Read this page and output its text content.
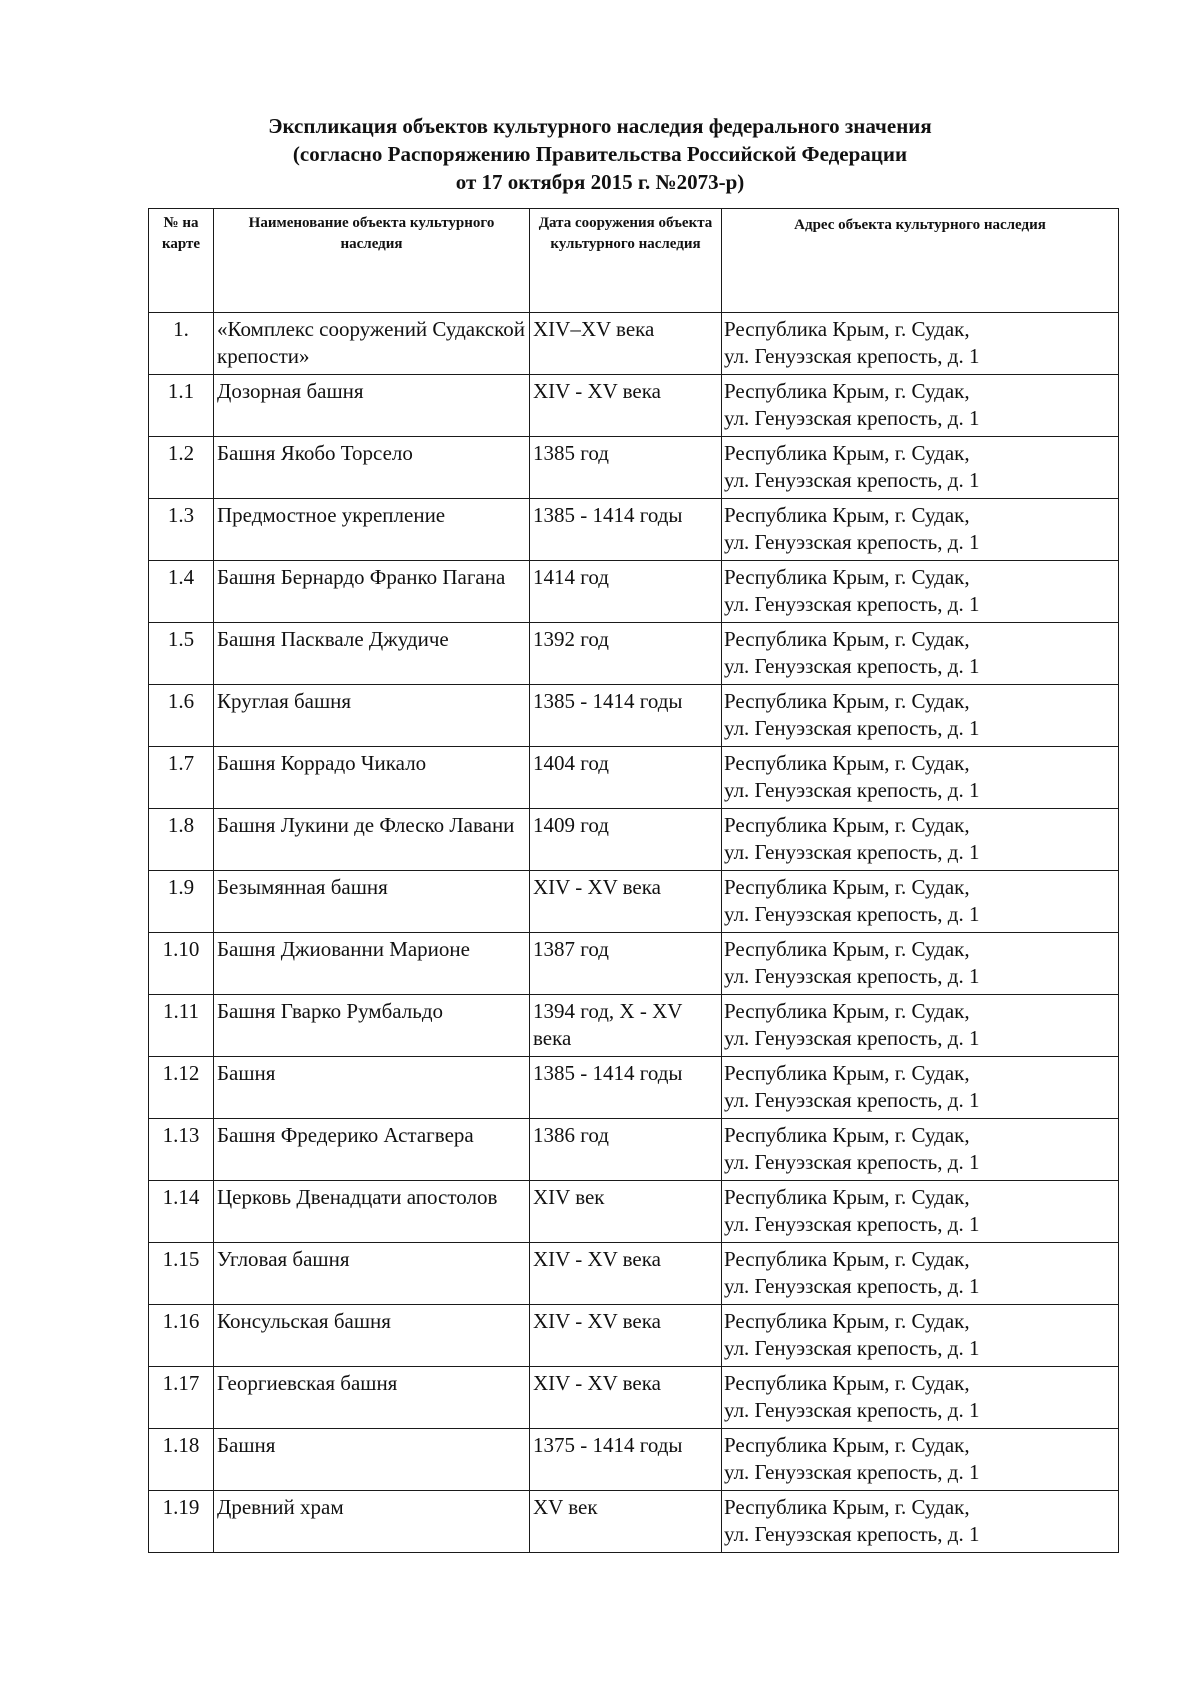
Экспликация объектов культурного наследия федерального значения
(согласно Распоряжению Правительства Российской Федерации
от 17 октября 2015 г. №2073-р)
№ на карте	Наименование объекта культурного наследия	Дата сооружения объекта культурного наследия	Адрес объекта культурного наследия
1.	«Комплекс сооружений Судакской крепости»	XIV–XV века	Республика Крым, г. Судак,
ул. Генуэзская крепость, д. 1

1.1	Дозорная башня	XIV - XV века	Республика Крым, г. Судак,
ул. Генуэзская крепость, д. 1

1.2	Башня Якобо Торсело	1385 год	Республика Крым, г. Судак,
ул. Генуэзская крепость, д. 1

1.3	Предмостное укрепление	1385 - 1414 годы	Республика Крым, г. Судак,
ул. Генуэзская крепость, д. 1

1.4	Башня Бернардо Франко Пагана	1414 год	Республика Крым, г. Судак,
ул. Генуэзская крепость, д. 1

1.5	Башня Пасквале Джудиче	1392 год	Республика Крым, г. Судак,
ул. Генуэзская крепость, д. 1

1.6	Круглая башня	1385 - 1414 годы	Республика Крым, г. Судак,
ул. Генуэзская крепость, д. 1

1.7	Башня Коррадо Чикало	1404 год	Республика Крым, г. Судак,
ул. Генуэзская крепость, д. 1

1.8	Башня Лукини де Флеско Лавани	1409 год	Республика Крым, г. Судак,
ул. Генуэзская крепость, д. 1

1.9	Безымянная башня	XIV - XV века	Республика Крым, г. Судак,
ул. Генуэзская крепость, д. 1

1.10	Башня Джиованни Марионе	1387 год	Республика Крым, г. Судак,
ул. Генуэзская крепость, д. 1

1.11	Башня Гварко Румбальдо	1394 год, X - XV века	Республика Крым, г. Судак,
ул. Генуэзская крепость, д. 1

1.12	Башня	1385 - 1414 годы	Республика Крым, г. Судак,
ул. Генуэзская крепость, д. 1

1.13	Башня Фредерико Астагвера	1386 год	Республика Крым, г. Судак,
ул. Генуэзская крепость, д. 1

1.14	Церковь Двенадцати апостолов	XIV век	Республика Крым, г. Судак,
ул. Генуэзская крепость, д. 1

1.15	Угловая башня	XIV - XV века	Республика Крым, г. Судак,
ул. Генуэзская крепость, д. 1

1.16	Консульская башня	XIV - XV века	Республика Крым, г. Судак,
ул. Генуэзская крепость, д. 1

1.17	Георгиевская башня	XIV - XV века	Республика Крым, г. Судак,
ул. Генуэзская крепость, д. 1

1.18	Башня	1375 - 1414 годы	Республика Крым, г. Судак,
ул. Генуэзская крепость, д. 1

1.19	Древний храм	XV век	Республика Крым, г. Судак,
ул. Генуэзская крепость, д. 1
